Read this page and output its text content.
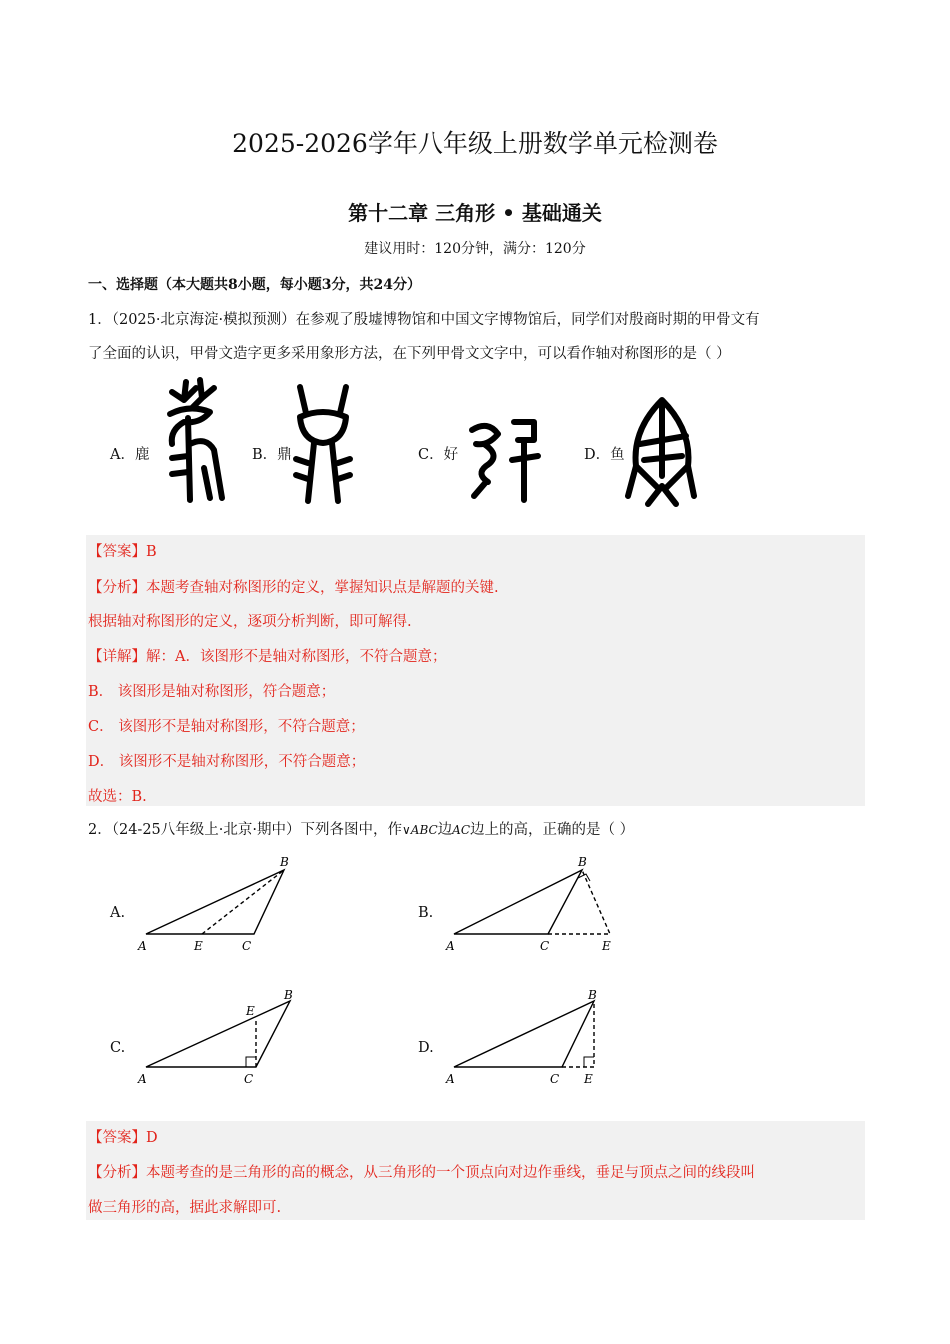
2025-2026学年八年级上册数学单元检测卷
第十二章 三角形 • 基础通关
建议用时：120分钟，满分：120分
一、选择题（本大题共8小题，每小题3分，共24分）
1．（2025·北京海淀·模拟预测）在参观了殷墟博物馆和中国文字博物馆后，同学们对殷商时期的甲骨文有
了全面的认识，甲骨文造字更多采用象形方法，在下列甲骨文文字中，可以看作轴对称图形的是（ ）
A．鹿	B．鼎	C．好	D．鱼
【答案】B
【分析】本题考查轴对称图形的定义，掌握知识点是解题的关键.
根据轴对称图形的定义，逐项分析判断，即可解得.
【详解】解：A．该图形不是轴对称图形，不符合题意；
B． 该图形是轴对称图形，符合题意；
C． 该图形不是轴对称图形，不符合题意；
D． 该图形不是轴对称图形，不符合题意；
故选：B.
2．（24-25八年级上·北京·期中）下列各图中，作∨ABC边AC边上的高，正确的是（ ）
A.	B.
C.	D.
A	E	C
B
A	C	E
B
A	C
E
B
A	C E
B
【答案】D
【分析】本题考查的是三角形的高的概念，从三角形的一个顶点向对边作垂线，垂足与顶点之间的线段叫
做三角形的高，据此求解即可.
